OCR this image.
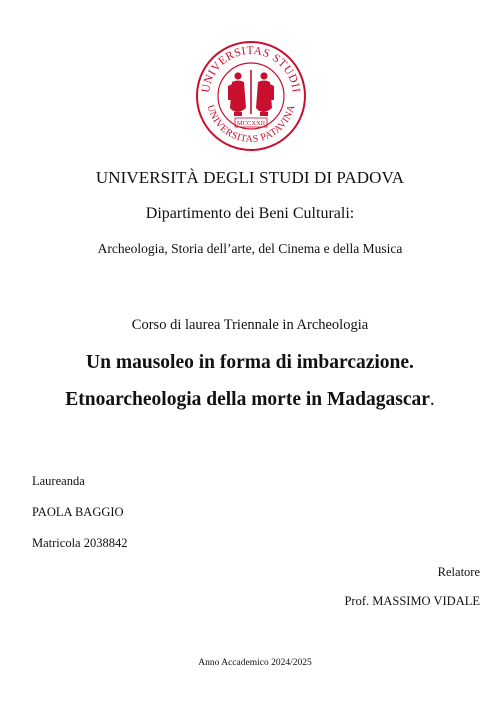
UNIVERSITAS STUDII
UNIVERSITAS PATAVINA
MCCXXII
UNIVERSITÀ DEGLI STUDI DI PADOVA
Dipartimento dei Beni Culturali:
Archeologia, Storia dell’arte, del Cinema e della Musica
Corso di laurea Triennale in Archeologia
Un mausoleo in forma di imbarcazione.
Etnoarcheologia della morte in Madagascar.
Laureanda
PAOLA BAGGIO
Matricola 2038842
Relatore
Prof. MASSIMO VIDALE
Anno Accademico 2024/2025
